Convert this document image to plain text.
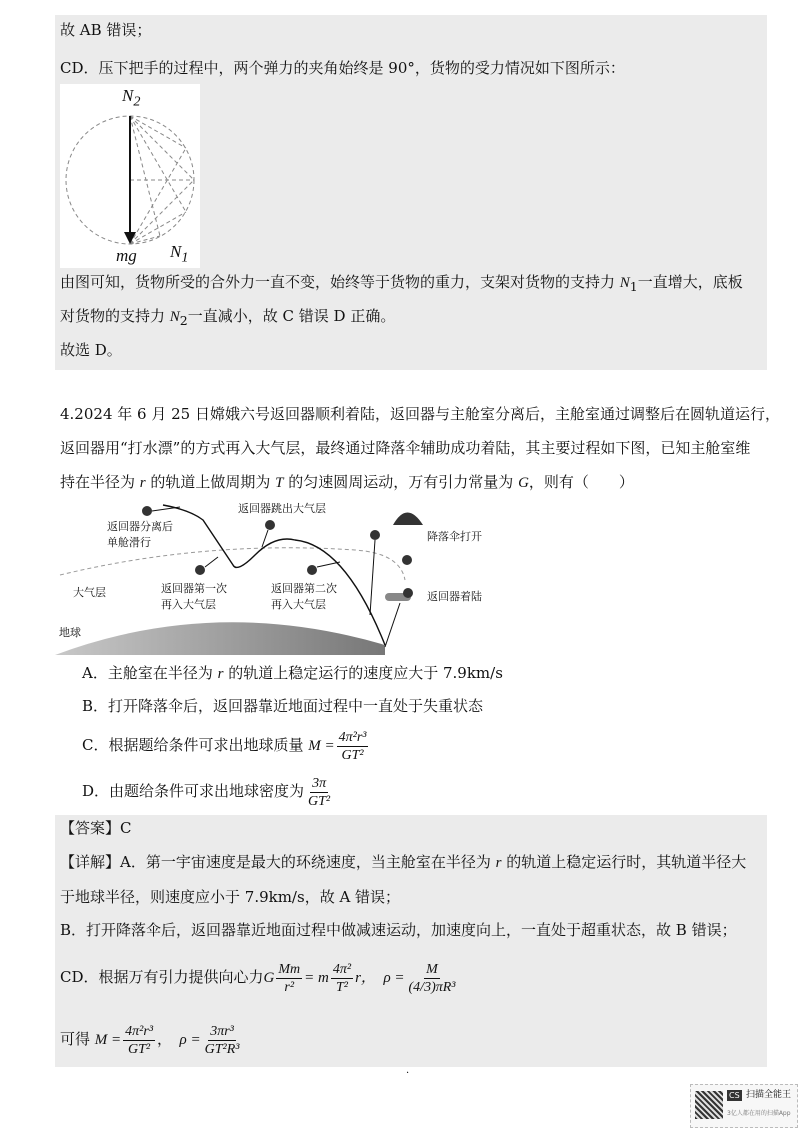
故 AB 错误；
CD．压下把手的过程中，两个弹力的夹角始终是 90°，货物的受力情况如下图所示：
$N_2$
mg $N_1$
由图可知，货物所受的合外力一直不变，始终等于货物的重力，支架对货物的支持力 $N_1$一直增大，底板
对货物的支持力 $N_2$一直减小，故 C 错误 D 正确。
故选 D。
4.2024 年 6 月 25 日嫦娥六号返回器顺利着陆，返回器与主舱室分离后，主舱室通过调整后在圆轨道运行，
返回器用“打水漂”的方式再入大气层，最终通过降落伞辅助成功着陆，其主要过程如下图，已知主舱室维
持在半径为 r 的轨道上做周期为 T 的匀速圆周运动，万有引力常量为 G，则有（　　）
返回器分离后
单舱滑行
返回器跳出大气层
降落伞打开
大气层	返回器第一次
再入大气层
返回器第二次
再入大气层
返回器着陆
地球
A．主舱室在半径为 r 的轨道上稳定运行的速度应大于 7.9km/s
B．打开降落伞后，返回器靠近地面过程中一直处于失重状态
C．根据题给条件可求出地球质量 $M = \frac{\text{4π²r³}}{\text{GT²}}$
D．由题给条件可求出地球密度为 $\frac{3\pi}{\text{GT²}}$
【答案】C
【详解】A．第一宇宙速度是最大的环绕速度，当主舱室在半径为 r 的轨道上稳定运行时，其轨道半径大
于地球半径，则速度应小于 7.9km/s，故 A 错误；
B．打开降落伞后，返回器靠近地面过程中做减速运动，加速度向上，一直处于超重状态，故 B 错误；
CD．根据万有引力提供向心力G $\frac{Mm}{\text{r²}} = m \frac{\text{4π²}}{\text{T²}}$ r，　 $\rho = \frac{M}{\text{(4/3)πR³}}$
可得 $M = \frac{\text{4π²r³}}{\text{GT²}}$ ，　 $\rho = \frac{\text{3πr³}}{\text{GT²R³}}$
·
CS 扫描全能王
3亿人都在用的扫描App
